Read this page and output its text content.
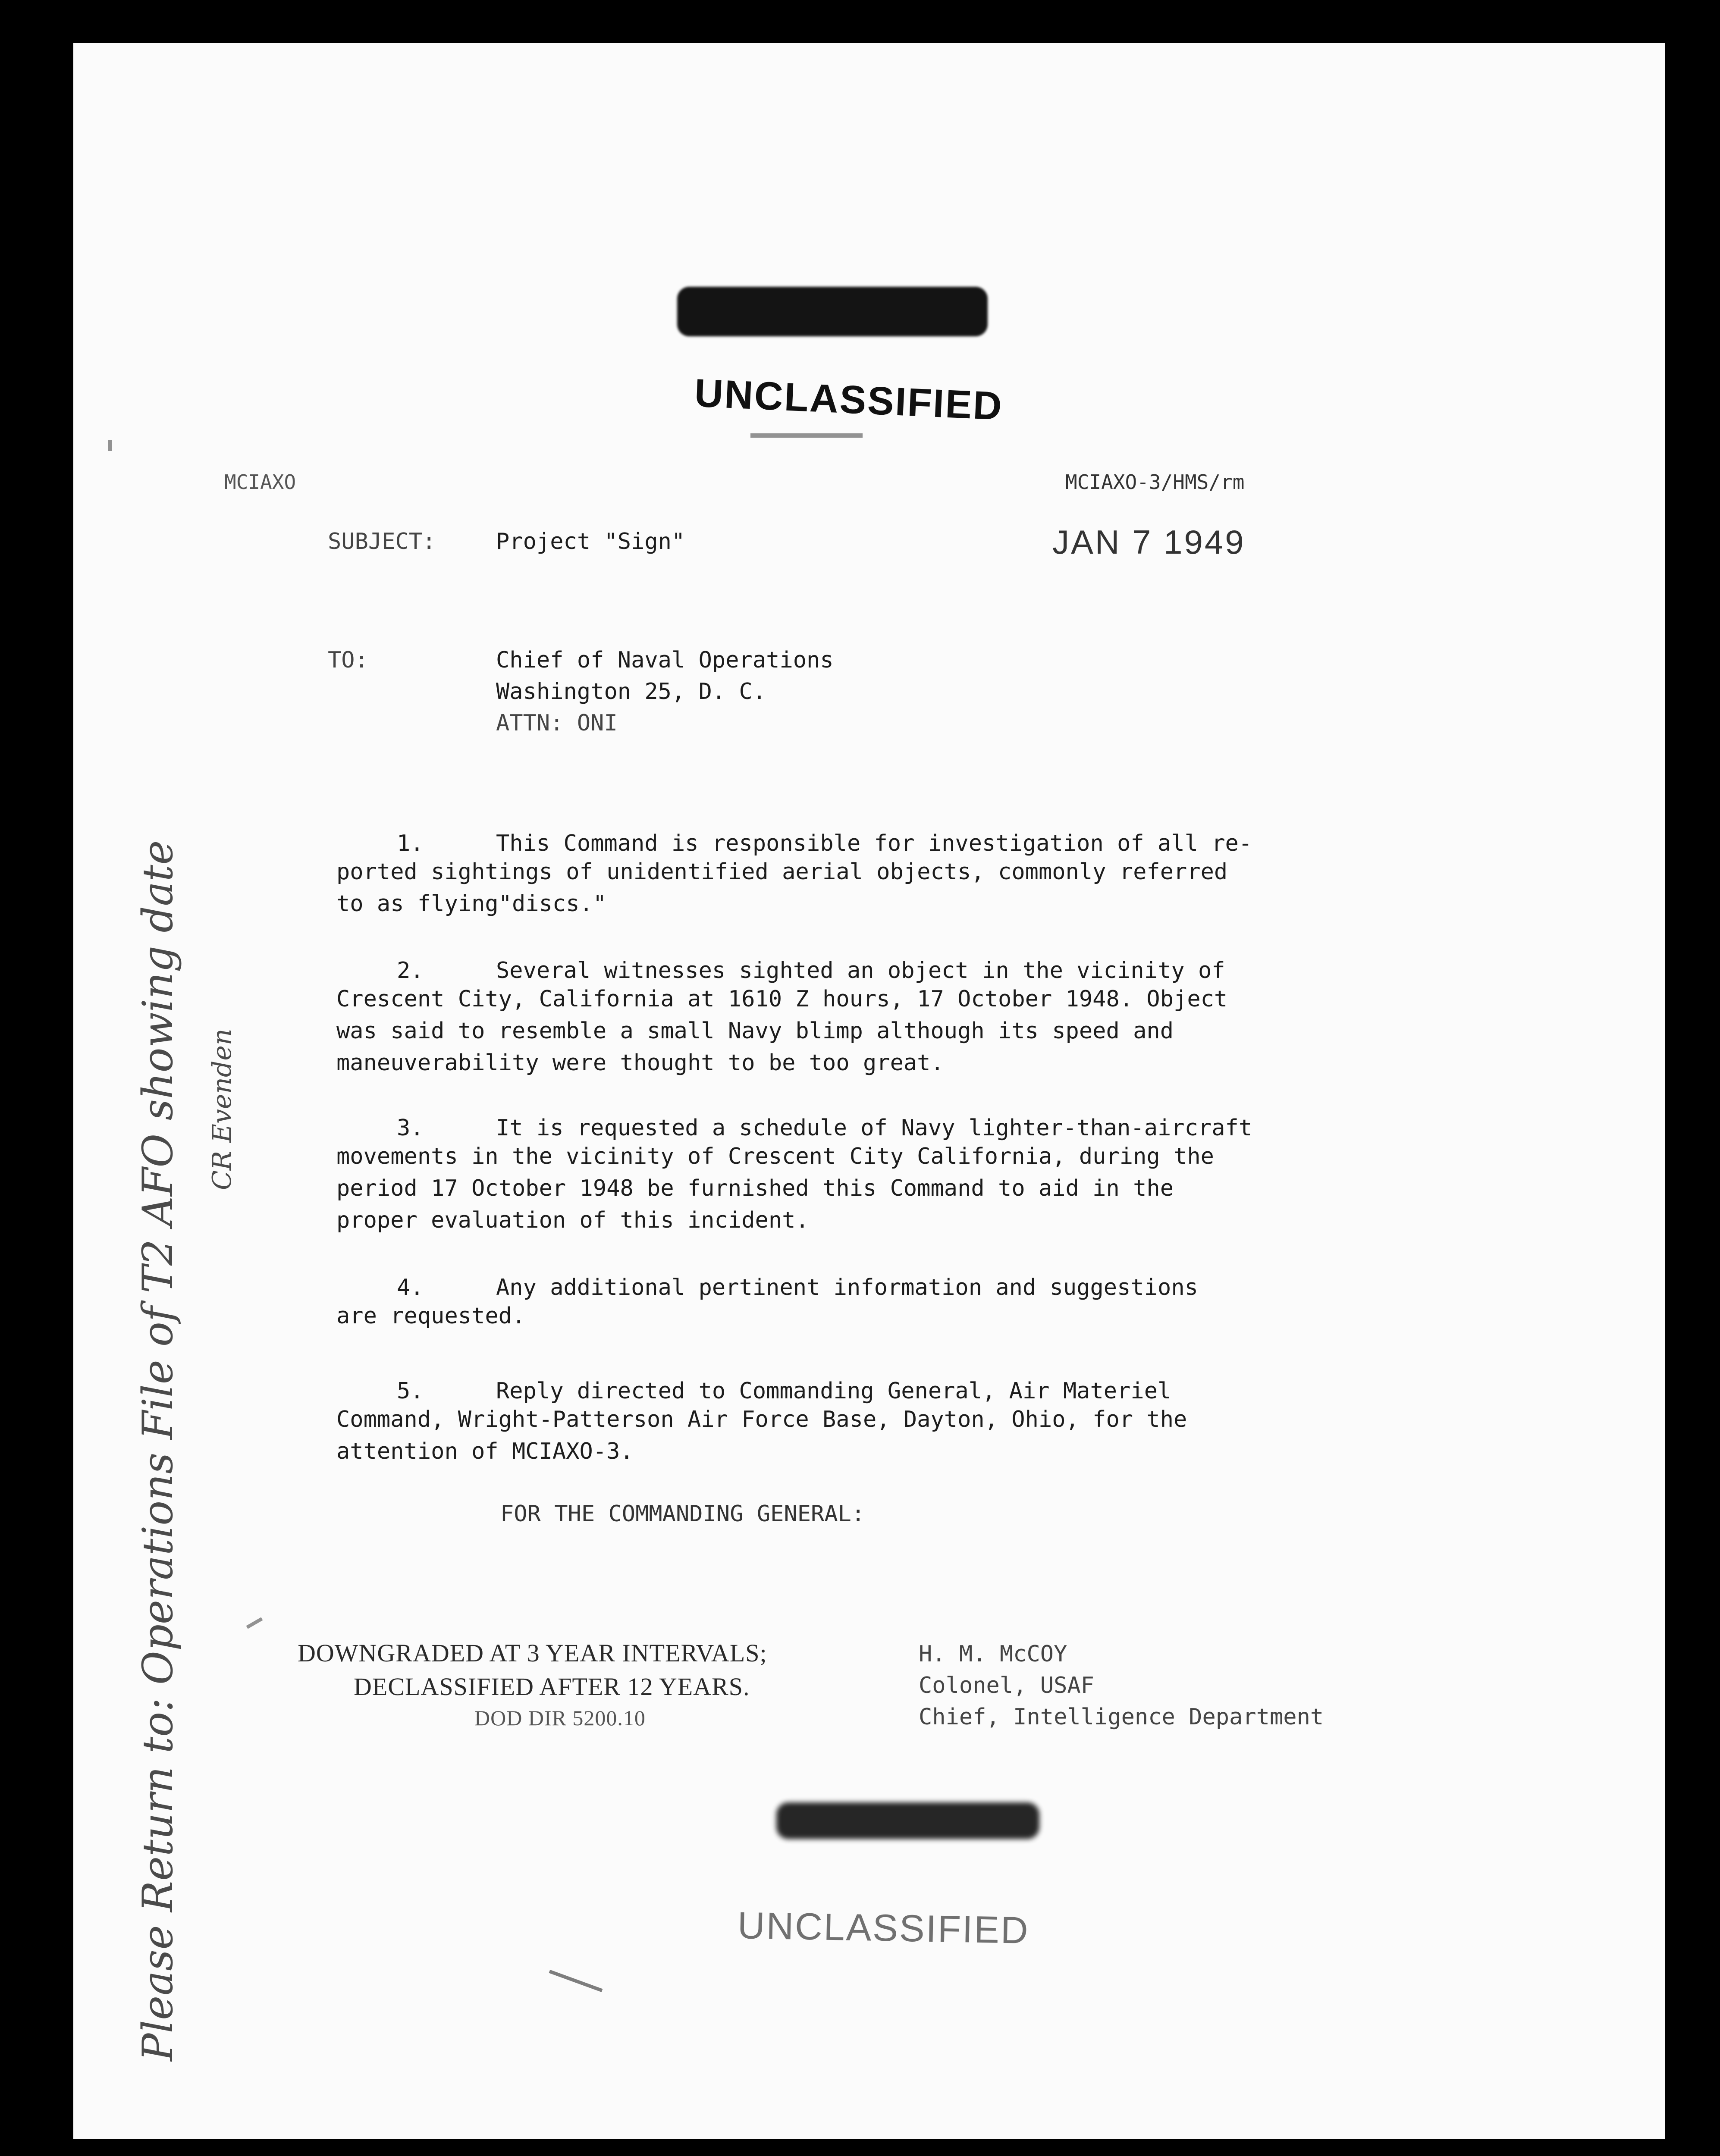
UNCLASSIFIED
MCIAXO	MCIAXO-3/HMS/rm
SUBJECT:	Project "Sign"	JAN 7 1949
TO:	Chief of Naval Operations
Washington 25, D. C.
ATTN: ONI
1.	This Command is responsible for investigation of all re-
ported sightings of unidentified aerial objects, commonly referred
to as flying"discs."
2.	Several witnesses sighted an object in the vicinity of
Crescent City, California at 1610 Z hours, 17 October 1948. Object
was said to resemble a small Navy blimp although its speed and
maneuverability were thought to be too great.
3.	It is requested a schedule of Navy lighter-than-aircraft
movements in the vicinity of Crescent City California, during the
period 17 October 1948 be furnished this Command to aid in the
proper evaluation of this incident.
4.	Any additional pertinent information and suggestions
are requested.
5.	Reply directed to Commanding General, Air Materiel
Command, Wright-Patterson Air Force Base, Dayton, Ohio, for the
attention of MCIAXO-3.
FOR THE COMMANDING GENERAL:
DOWNGRADED AT 3 YEAR INTERVALS;
DECLASSIFIED AFTER 12 YEARS.
DOD DIR 5200.10
H. M. McCOY
Colonel, USAF
Chief, Intelligence Department
UNCLASSIFIED
Please Return to: Operations File of T2 AFO showing date CR Evenden
